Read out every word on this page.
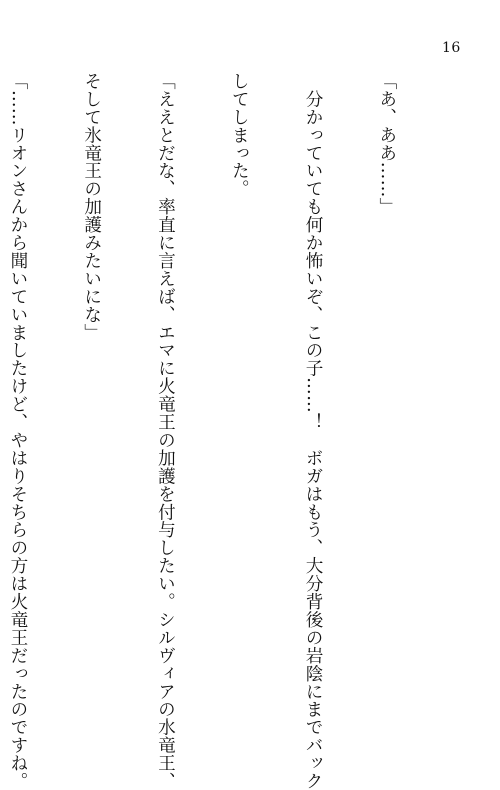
16

「あ、ああ……」

　分かっていても何か怖いぞ、この子……！　ボガはもう、大分背後の岩陰にまでバック

してしまった。

「ええとだな、率直に言えば、エマに火竜王の加護を付与したい。シルヴィアの水竜王、

そして氷竜王の加護みたいにな」

「……リオンさんから聞いていましたけど、やはりそちらの方は火竜王だったのですね。
